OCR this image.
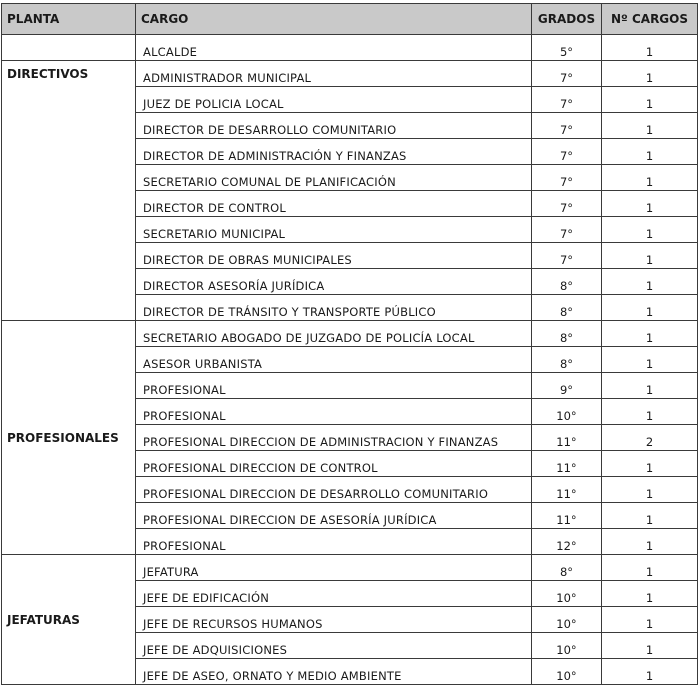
PLANTA	CARGO	GRADOS	Nº CARGOS
	ALCALDE	5°	1
DIRECTIVOS	ADMINISTRADOR MUNICIPAL	7°	1
	JUEZ DE POLICIA LOCAL	7°	1
	DIRECTOR DE DESARROLLO COMUNITARIO	7°	1
	DIRECTOR DE ADMINISTRACIÓN Y FINANZAS	7°	1
	SECRETARIO COMUNAL DE PLANIFICACIÓN	7°	1
	DIRECTOR DE CONTROL	7°	1
	SECRETARIO MUNICIPAL	7°	1
	DIRECTOR DE OBRAS MUNICIPALES	7°	1
	DIRECTOR ASESORÍA JURÍDICA	8°	1
	DIRECTOR DE TRÁNSITO Y TRANSPORTE PÚBLICO	8°	1
PROFESIONALES	SECRETARIO ABOGADO DE JUZGADO DE POLICÍA LOCAL	8°	1
	ASESOR URBANISTA	8°	1
	PROFESIONAL	9°	1
	PROFESIONAL	10°	1
	PROFESIONAL DIRECCION DE ADMINISTRACION Y FINANZAS	11°	2
	PROFESIONAL DIRECCION DE CONTROL	11°	1
	PROFESIONAL DIRECCION DE DESARROLLO COMUNITARIO	11°	1
	PROFESIONAL DIRECCION DE ASESORÍA JURÍDICA	11°	1
	PROFESIONAL	12°	1
JEFATURAS	JEFATURA	8°	1
	JEFE DE EDIFICACIÓN	10°	1
	JEFE DE RECURSOS HUMANOS	10°	1
	JEFE DE ADQUISICIONES	10°	1
	JEFE DE ASEO, ORNATO Y MEDIO AMBIENTE	10°	1
